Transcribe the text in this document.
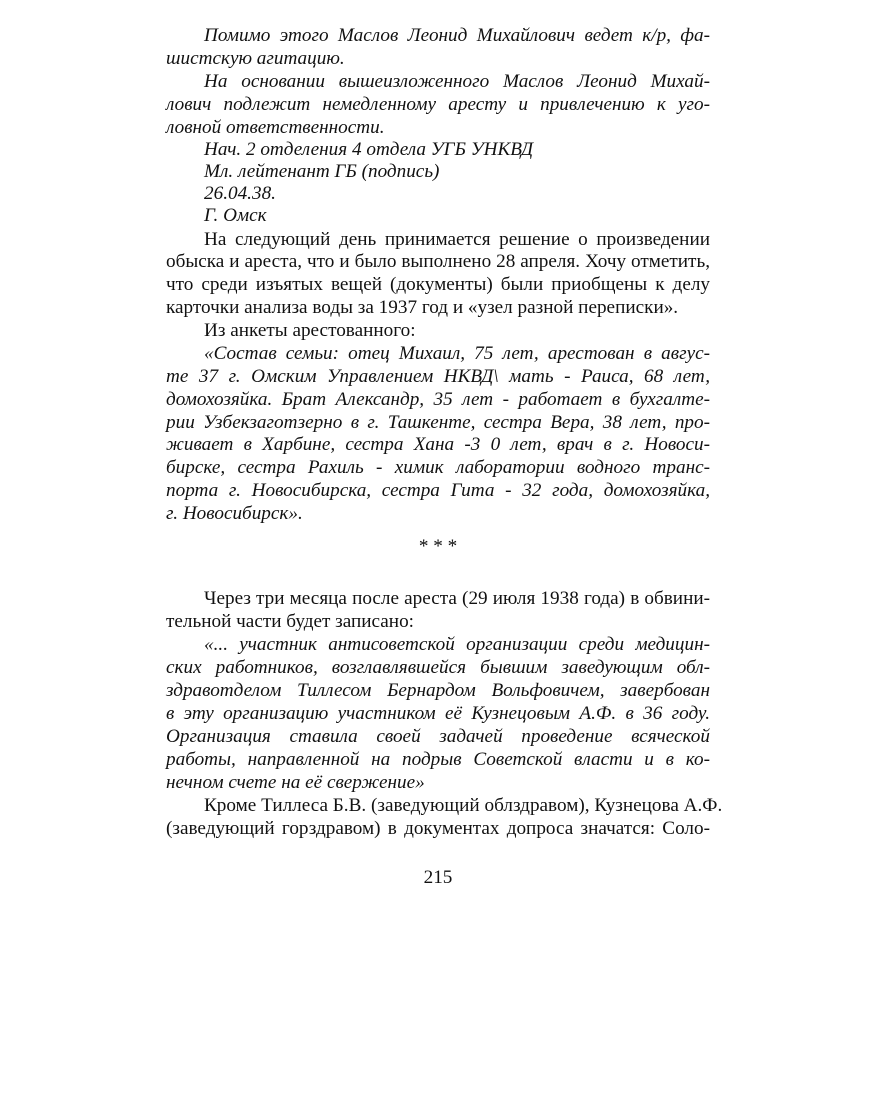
Помимо этого Маслов Леонид Михайлович ведет к/р, фа-
шистскую агитацию.
На основании вышеизложенного Маслов Леонид Михай-
лович подлежит немедленному аресту и привлечению к уго-
ловной ответственности.
Нач. 2 отделения 4 отдела УГБ УНКВД
Мл. лейтенант ГБ (подпись)
26.04.38.
Г. Омск
На следующий день принимается решение о произведении
обыска и ареста, что и было выполнено 28 апреля. Хочу отметить,
что среди изъятых вещей (документы) были приобщены к делу
карточки анализа воды за 1937 год и «узел разной переписки».
Из анкеты арестованного:
«Состав семьи: отец Михаил, 75 лет, арестован в авгус-
те 37 г. Омским Управлением НКВД\ мать - Раиса, 68 лет,
домохозяйка. Брат Александр, 35 лет - работает в бухгалте-
рии Узбекзаготзерно в г. Ташкенте, сестра Вера, 38 лет, про-
живает в Харбине, сестра Хана -3 0 лет, врач в г. Новоси-
бирске, сестра Рахиль - химик лаборатории водного транс-
порта г. Новосибирска, сестра Гита - 32 года, домохозяйка,
г. Новосибирск».
* * *
Через три месяца после ареста (29 июля 1938 года) в обвини-
тельной части будет записано:
«... участник антисоветской организации среди медицин-
ских работников, возглавлявшейся бывшим заведующим обл-
здравотделом Тиллесом Бернардом Вольфовичем, завербован
в эту организацию участником её Кузнецовым А.Ф. в 36 году.
Организация ставила своей задачей проведение всяческой
работы, направленной на подрыв Советской власти и в ко-
нечном счете на её свержение»
Кроме Тиллеса Б.В. (заведующий облздравом), Кузнецова А.Ф.
(заведующий горздравом) в документах допроса значатся: Соло-
215
